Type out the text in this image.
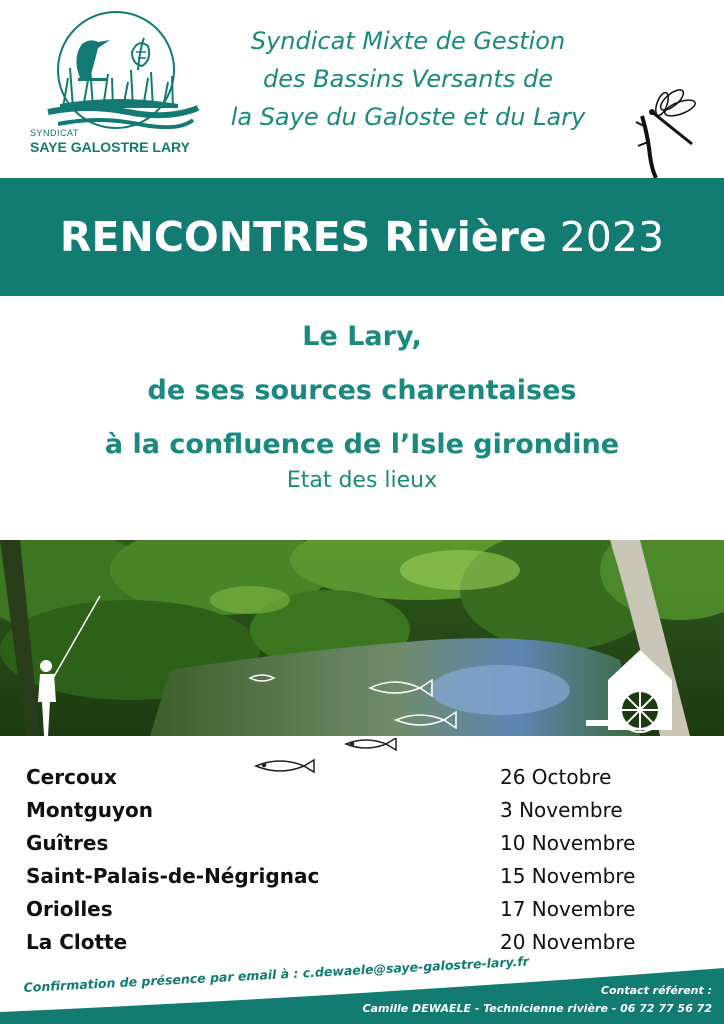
SYNDICAT
SAYE GALOSTRE LARY
Syndicat Mixte de Gestion
des Bassins Versants de
la Saye du Galoste et du Lary
RENCONTRES Rivière 2023
Le Lary,
de ses sources charentaises
à la confluence de l’Isle girondine
Etat des lieux
Cercoux	26 Octobre
Montguyon	3 Novembre
Guîtres	10 Novembre
Saint-Palais-de-Négrignac	15 Novembre
Oriolles	17 Novembre
La Clotte	20 Novembre
Confirmation de présence par email à : c.dewaele@saye-galostre-lary.fr	Contact référent :
Camille DEWAELE - Technicienne rivière - 06 72 77 56 72
